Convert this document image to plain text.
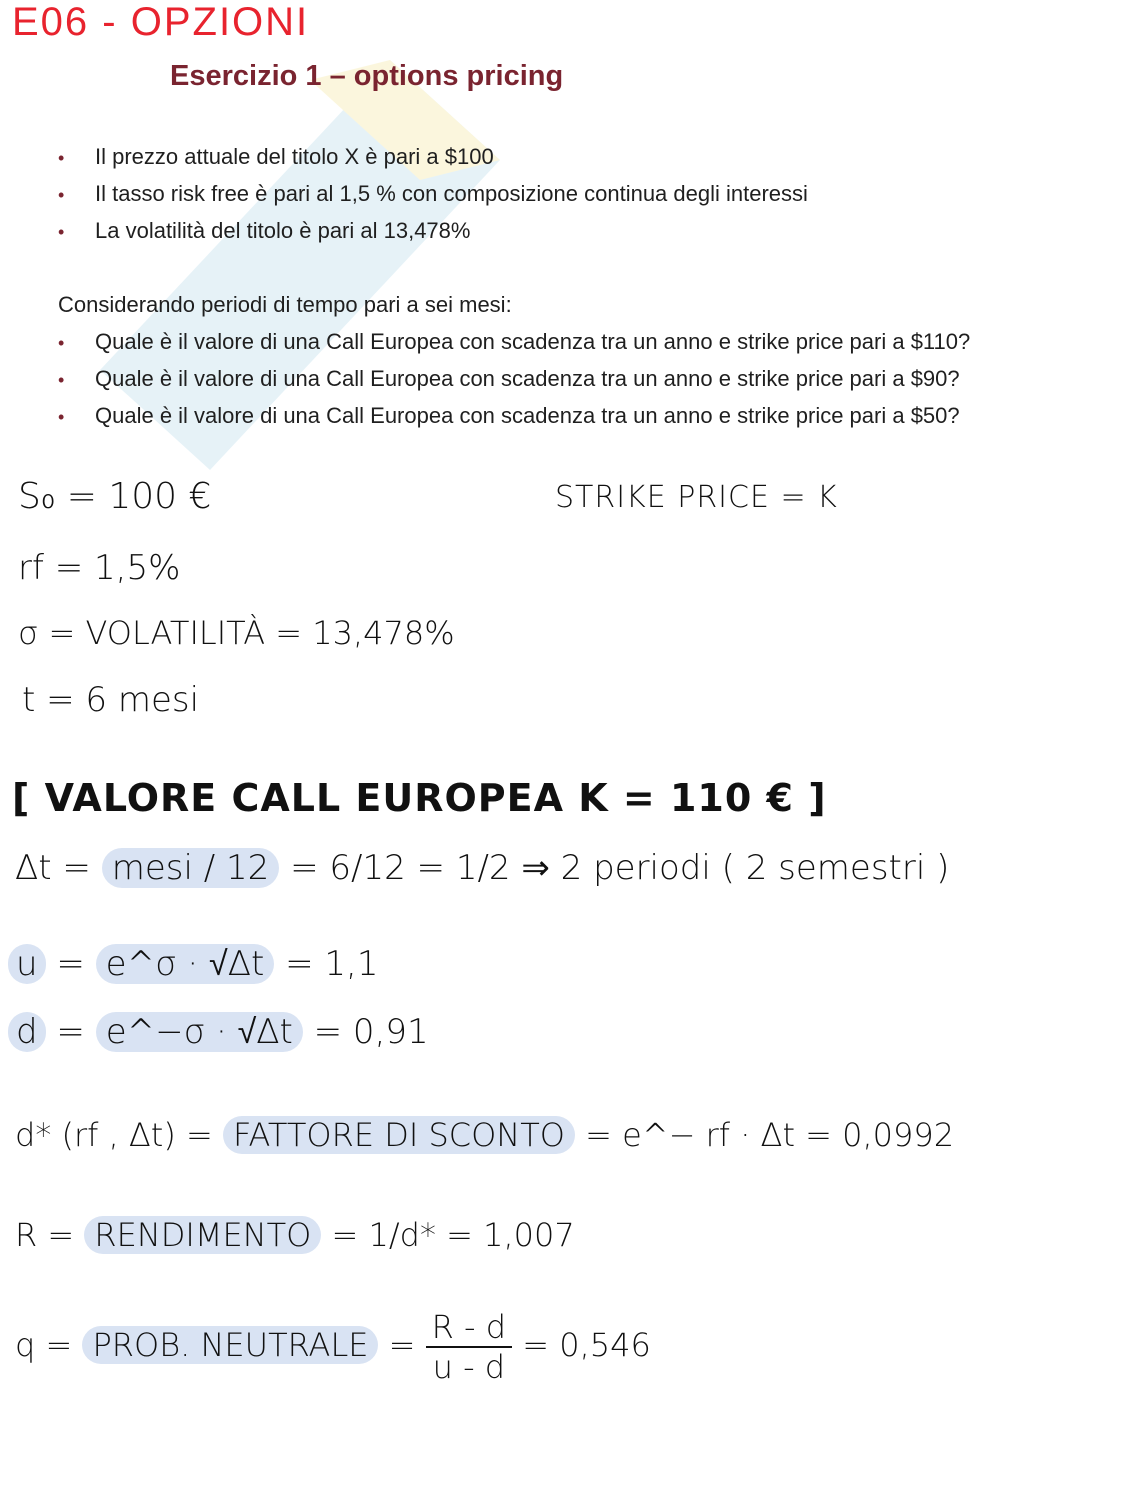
E06 - OPZIONI
Esercizio 1 – options pricing
• Il prezzo attuale del titolo X è pari a $100
• Il tasso risk free è pari al 1,5 % con composizione continua degli interessi
• La volatilità del titolo è pari al 13,478%
Considerando periodi di tempo pari a sei mesi:
• Quale è il valore di una Call Europea con scadenza tra un anno e strike price pari a $110?
• Quale è il valore di una Call Europea con scadenza tra un anno e strike price pari a $90?
• Quale è il valore di una Call Europea con scadenza tra un anno e strike price pari a $50?
S₀ = 100 €	STRIKE PRICE = K
rf = 1,5%
σ = VOLATILITÀ = 13,478%
t = 6 mesi
[ VALORE CALL EUROPEA K = 110 € ]
Δt = mesi / 12 = 6/12 = 1/2 ⇒ 2 periodi ( 2 semestri )
u = e^σ · √Δt = 1,1
d = e^−σ · √Δt = 0,91
d* (rf , Δt) = FATTORE DI SCONTO = e^− rf · Δt = 0,0992
R = RENDIMENTO = 1/d* = 1,007
q = PROB. NEUTRALE = $\frac{R - d}{u - d} = 0,546$
